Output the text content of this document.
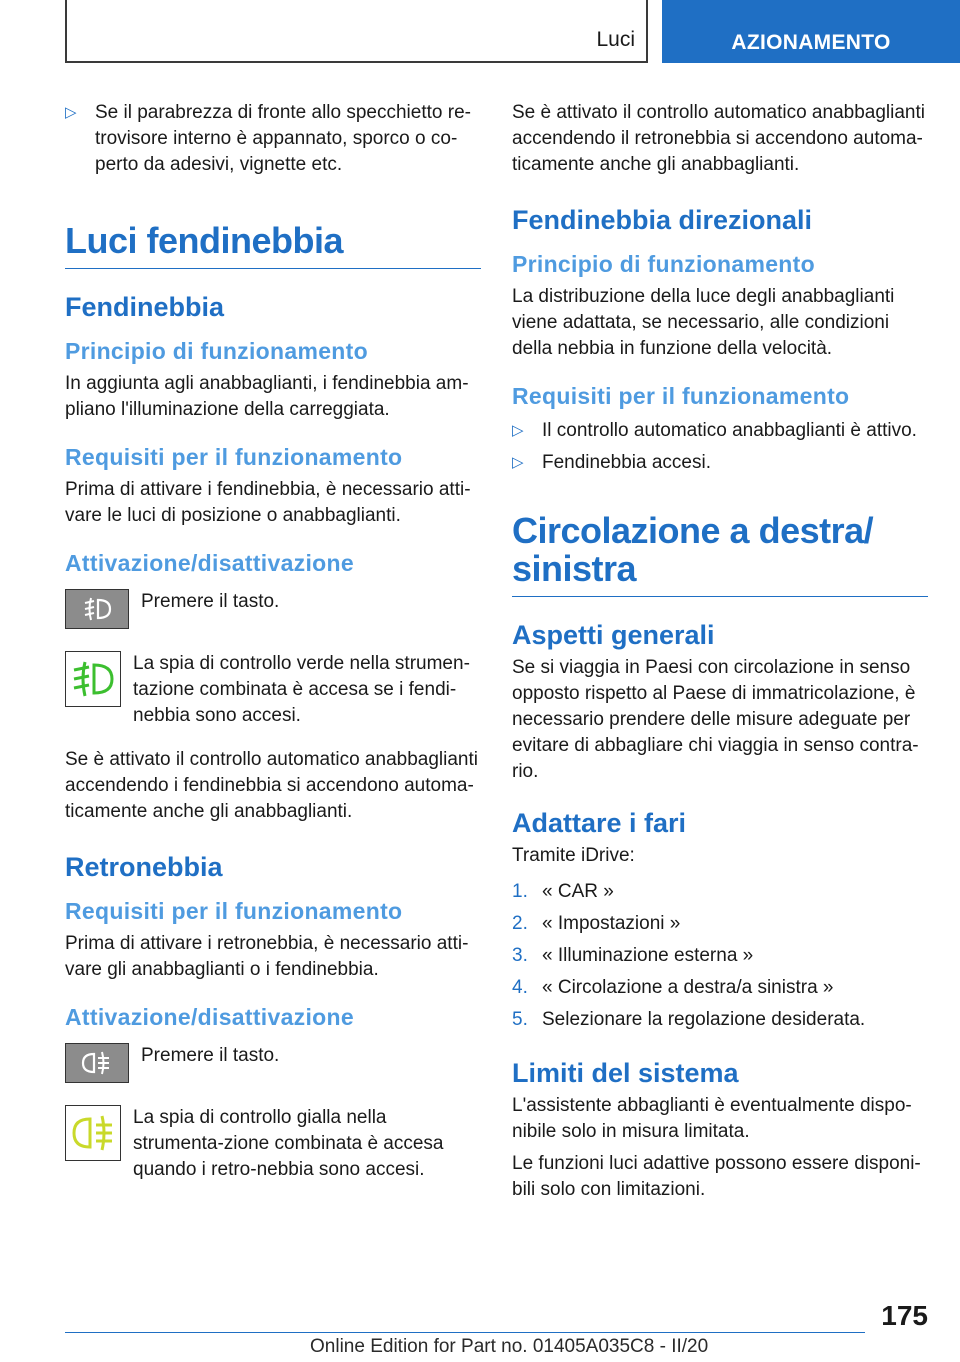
Luci	AZIONAMENTO
▷ Se il parabrezza di fronte allo specchietto re-trovisore interno è appannato, sporco o co-perto da adesivi, vignette etc.
Luci fendinebbia
Fendinebbia
Principio di funzionamento

In aggiunta agli anabbaglianti, i fendinebbia am-pliano l'illuminazione della carreggiata.

Requisiti per il funzionamento

Prima di attivare i fendinebbia, è necessario atti-vare le luci di posizione o anabbaglianti.

Attivazione/disattivazione

Premere il tasto.

La spia di controllo verde nella strumen-tazione combinata è accesa se i fendi-nebbia sono accesi.

Se è attivato il controllo automatico anabbaglianti accendendo i fendinebbia si accendono automa-ticamente anche gli anabbaglianti.

Retronebbia
Requisiti per il funzionamento

Prima di attivare i retronebbia, è necessario atti-vare gli anabbaglianti o i fendinebbia.

Attivazione/disattivazione

Premere il tasto.

La spia di controllo gialla nella strumenta-zione combinata è accesa quando i retro-nebbia sono accesi.

Se è attivato il controllo automatico anabbaglianti accendendo il retronebbia si accendono automa-ticamente anche gli anabbaglianti.

Fendinebbia direzionali
Principio di funzionamento

La distribuzione della luce degli anabbaglianti viene adattata, se necessario, alle condizioni della nebbia in funzione della velocità.

Requisiti per il funzionamento
▷ Il controllo automatico anabbaglianti è attivo.
▷ Fendinebbia accesi.
Circolazione a destra/
sinistra
Aspetti generali

Se si viaggia in Paesi con circolazione in senso opposto rispetto al Paese di immatricolazione, è necessario prendere delle misure adeguate per evitare di abbagliare chi viaggia in senso contra-rio.

Adattare i fari

Tramite iDrive:

1. « CAR »
2. « Impostazioni »
3. « Illuminazione esterna »
4. « Circolazione a destra/a sinistra »
5. Selezionare la regolazione desiderata.
Limiti del sistema

L'assistente abbaglianti è eventualmente dispo-nibile solo in misura limitata.

Le funzioni luci adattive possono essere disponi-bili solo con limitazioni.

175
Online Edition for Part no. 01405A035C8 - II/20
